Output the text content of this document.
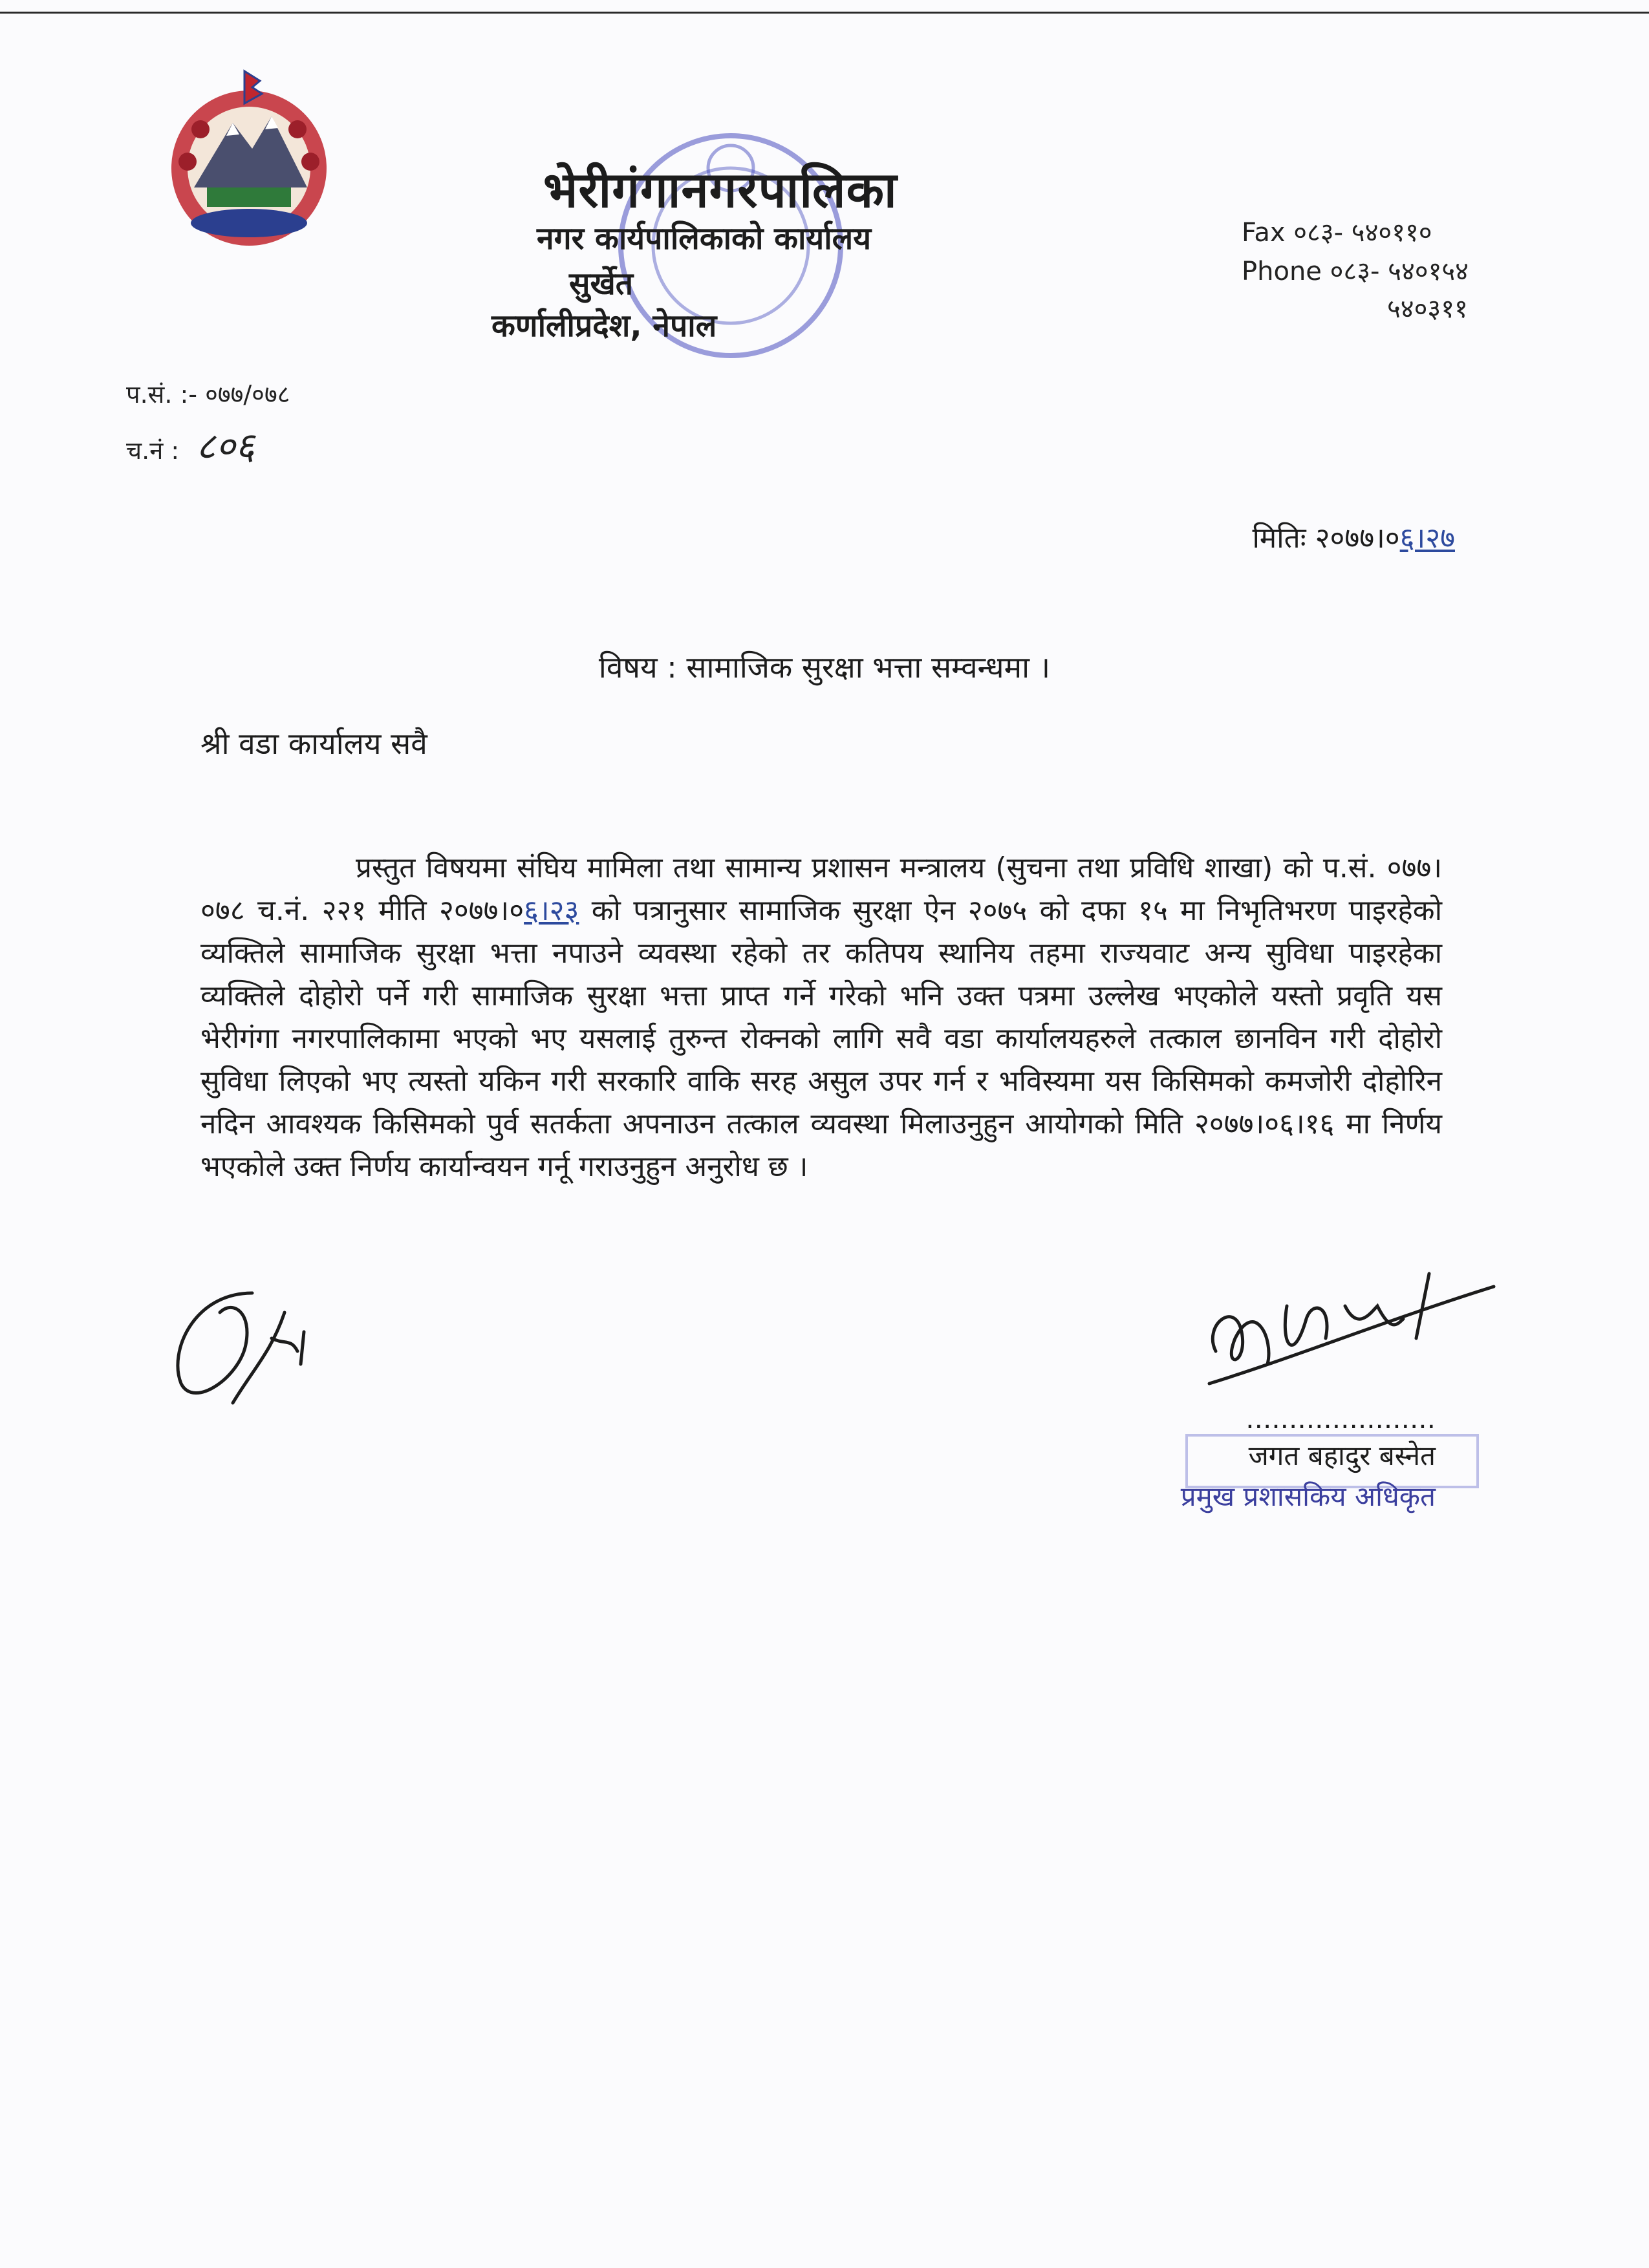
भेरीगंगानगरपालिका
नगर कार्यपालिकाको कार्यालय
सुर्खेत
कर्णालीप्रदेश, नेपाल
Fax ०८३- ५४०११०
Phone ०८३- ५४०१५४
५४०३११
प.सं. :- ०७७/०७८
च.नं : ८०६
मितिः २०७७।०६।२७
विषय : सामाजिक सुरक्षा भत्ता सम्वन्धमा ।
श्री वडा कार्यालय सवै
प्रस्तुत विषयमा संघिय मामिला तथा सामान्य प्रशासन मन्त्रालय (सुचना तथा प्रविधि शाखा) को प.सं. ०७७।०७८ च.नं. २२१ मीति २०७७।०६।२३ को पत्रानुसार सामाजिक सुरक्षा ऐन २०७५ को दफा १५ मा निभृतिभरण पाइरहेको व्यक्तिले सामाजिक सुरक्षा भत्ता नपाउने व्यवस्था रहेको तर कतिपय स्थानिय तहमा राज्यवाट अन्य सुविधा पाइरहेका व्यक्तिले दोहोरो पर्ने गरी सामाजिक सुरक्षा भत्ता प्राप्त गर्ने गरेको भनि उक्त पत्रमा उल्लेख भएकोले यस्तो प्रवृति यस भेरीगंगा नगरपालिकामा भएको भए यसलाई तुरुन्त रोक्नको लागि सवै वडा कार्यालयहरुले तत्काल छानविन गरी दोहोरो सुविधा लिएको भए त्यस्तो यकिन गरी सरकारि वाकि सरह असुल उपर गर्न र भविस्यमा यस किसिमको कमजोरी दोहोरिन नदिन आवश्यक किसिमको पुर्व सतर्कता अपनाउन तत्काल व्यवस्था मिलाउनुहुन आयोगको मिति २०७७।०६।१६ मा निर्णय भएकोले उक्त निर्णय कार्यान्वयन गर्नू गराउनुहुन अनुरोध छ ।
......................
जगत बहादुर बस्नेत
प्रमुख प्रशासकिय अधिकृत
